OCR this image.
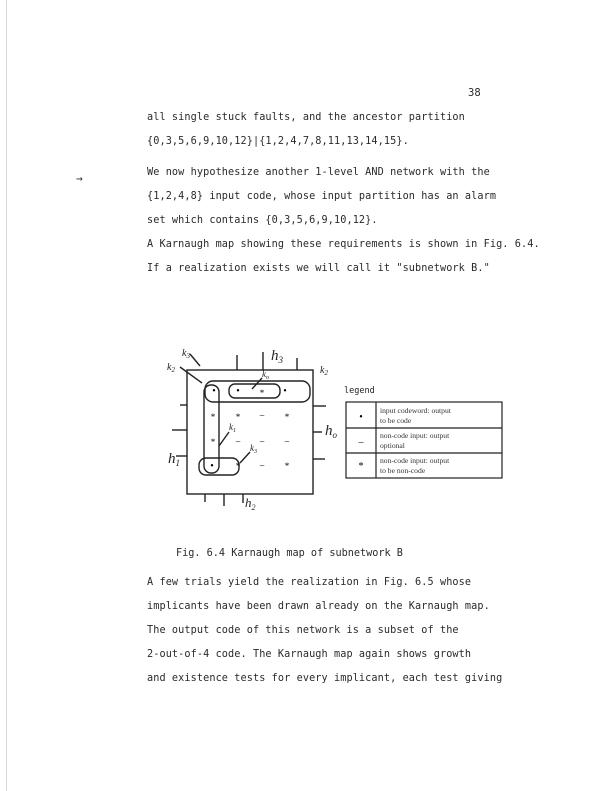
38
→
all single stuck faults, and the ancestor partition
{0,3,5,6,9,10,12}|{1,2,4,7,8,11,13,14,15}.
We now hypothesize another 1-level AND network with the
{1,2,4,8} input code, whose input partition has an alarm
set which contains {0,3,5,6,9,10,12}.
A Karnaugh map showing these requirements is shown in Fig. 6.4.
If a realization exists we will call it "subnetwork B."
• • * •
* * – *
* – – –
• * – *
$h_3$
$h_o$
$h_1$
$h_2$
$k_3$
$k_2$	$k_2$
$k_o$
$k_1$
$k_3$
legend
•
–
*
input codeword: output
to be code
non-code input: output
optional
non-code input: output
to be non-code
Fig. 6.4 Karnaugh map of subnetwork B
A few trials yield the realization in Fig. 6.5 whose
implicants have been drawn already on the Karnaugh map.
The output code of this network is a subset of the
2-out-of-4 code. The Karnaugh map again shows growth
and existence tests for every implicant, each test giving
